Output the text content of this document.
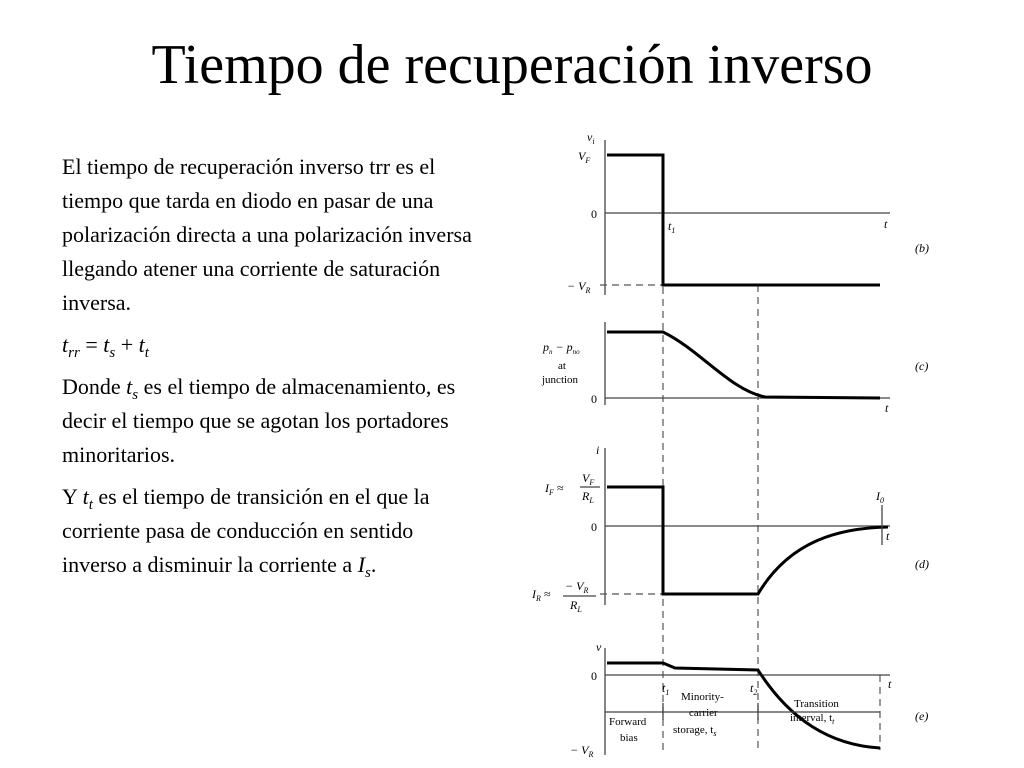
Tiempo de recuperación inverso

El tiempo de recuperación inverso trr es el tiempo que tarda en diodo en pasar de una polarización directa a una polarización inversa llegando atener una corriente de saturación inversa.

$t_{rr} = t_s + t_t$

Donde $t_s$ es el tiempo de almacenamiento, es decir el tiempo que se agotan los portadores minoritarios.

Y $t_t$ es el tiempo de transición en el que la corriente pasa de conducción en sentido inverso a disminuir la corriente a $I_s$.

$v_i$
$V_F$
0
$t_1$	t
− $V_R$
(b)
$p_n - p_{no}$
at
junction
0
t
(c)
i
$I_F$ ≈
$V_F$
$R_L$
0
$I_0$
t
$I_R$ ≈
− $V_R$
$R_L$
(d)
v
0
$t_1$	$t_2$
t
Forward
bias
Minority-
carrier
storage, $t_s$
Transition
interval, $t_t$
− $V_R$
(e)
